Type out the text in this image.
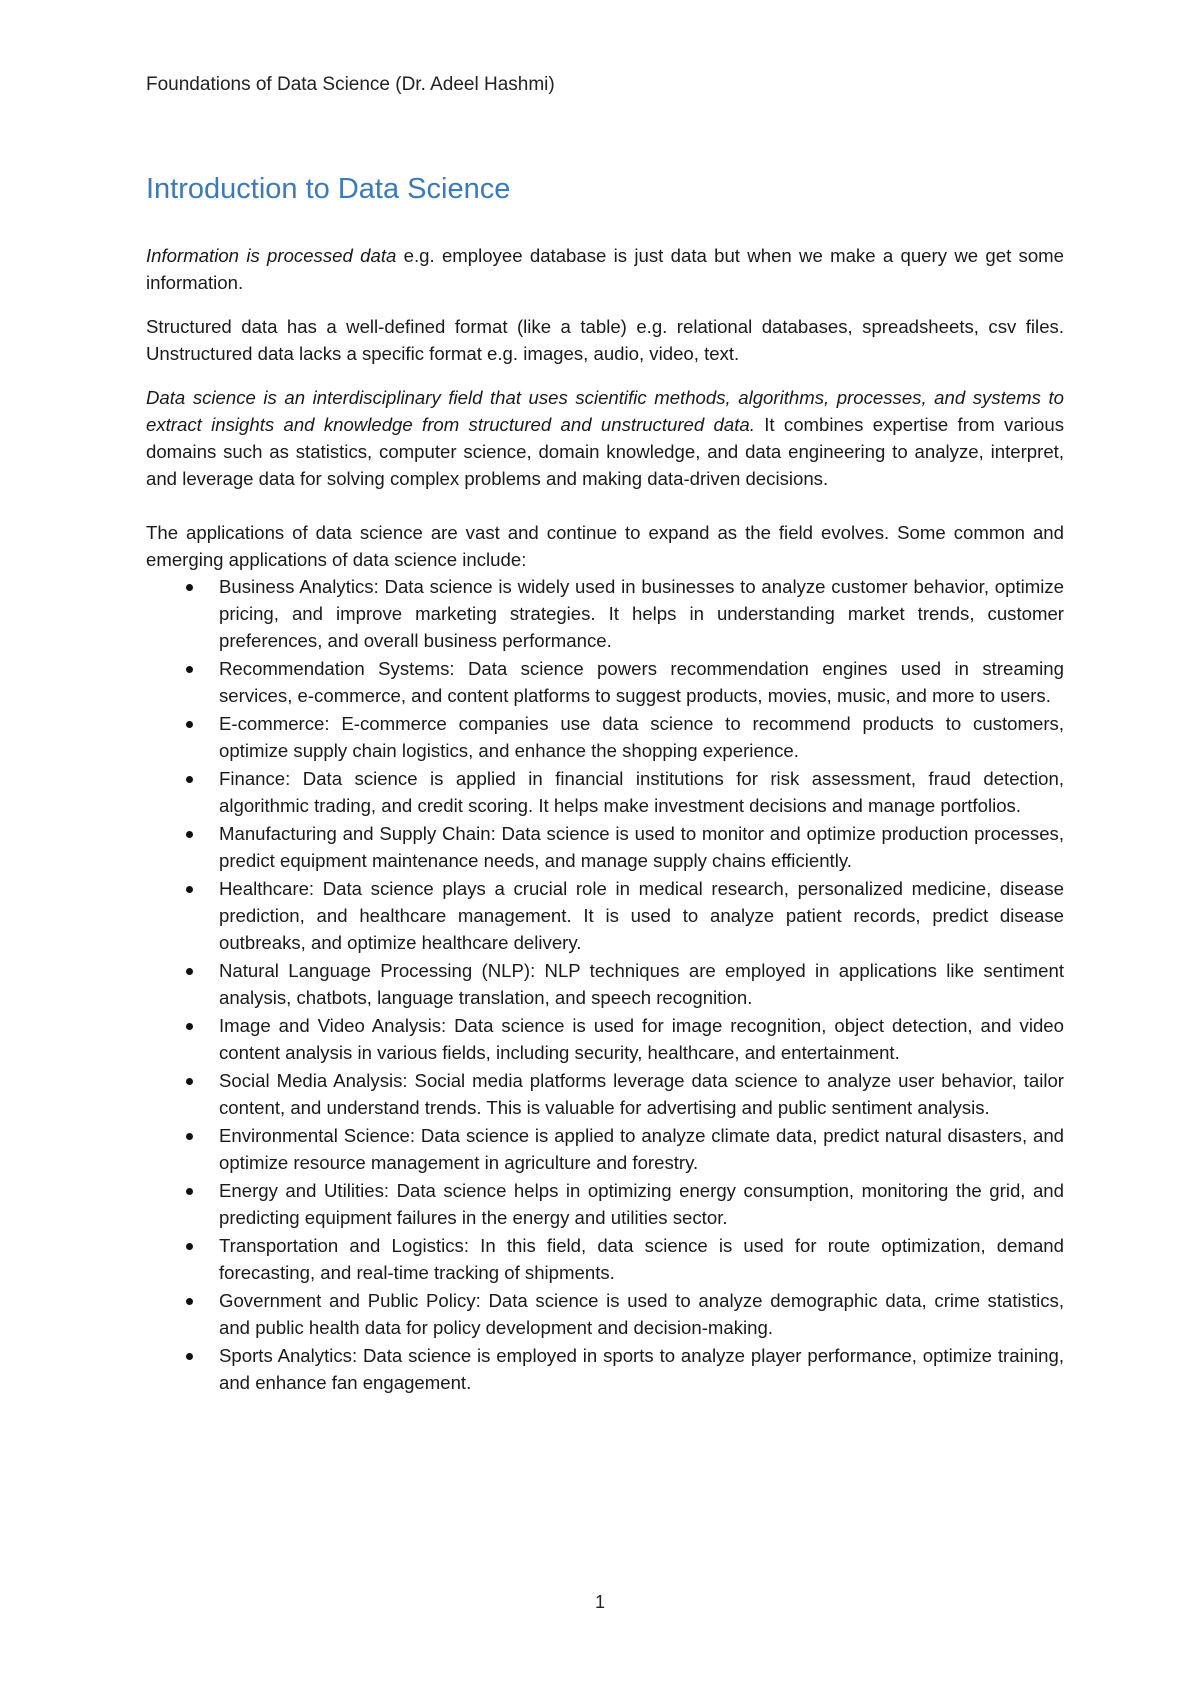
Foundations of Data Science (Dr. Adeel Hashmi)
Introduction to Data Science

Information is processed data e.g. employee database is just data but when we make a query we get some information.

Structured data has a well-defined format (like a table) e.g. relational databases, spreadsheets, csv files. Unstructured data lacks a specific format e.g. images, audio, video, text.

Data science is an interdisciplinary field that uses scientific methods, algorithms, processes, and systems to extract insights and knowledge from structured and unstructured data. It combines expertise from various domains such as statistics, computer science, domain knowledge, and data engineering to analyze, interpret, and leverage data for solving complex problems and making data-driven decisions.

The applications of data science are vast and continue to expand as the field evolves. Some common and emerging applications of data science include:

Business Analytics: Data science is widely used in businesses to analyze customer behavior, optimize pricing, and improve marketing strategies. It helps in understanding market trends, customer preferences, and overall business performance.
Recommendation Systems: Data science powers recommendation engines used in streaming services, e-commerce, and content platforms to suggest products, movies, music, and more to users.
E-commerce: E-commerce companies use data science to recommend products to customers, optimize supply chain logistics, and enhance the shopping experience.
Finance: Data science is applied in financial institutions for risk assessment, fraud detection, algorithmic trading, and credit scoring. It helps make investment decisions and manage portfolios.
Manufacturing and Supply Chain: Data science is used to monitor and optimize production processes, predict equipment maintenance needs, and manage supply chains efficiently.
Healthcare: Data science plays a crucial role in medical research, personalized medicine, disease prediction, and healthcare management. It is used to analyze patient records, predict disease outbreaks, and optimize healthcare delivery.
Natural Language Processing (NLP): NLP techniques are employed in applications like sentiment analysis, chatbots, language translation, and speech recognition.
Image and Video Analysis: Data science is used for image recognition, object detection, and video content analysis in various fields, including security, healthcare, and entertainment.
Social Media Analysis: Social media platforms leverage data science to analyze user behavior, tailor content, and understand trends. This is valuable for advertising and public sentiment analysis.
Environmental Science: Data science is applied to analyze climate data, predict natural disasters, and optimize resource management in agriculture and forestry.
Energy and Utilities: Data science helps in optimizing energy consumption, monitoring the grid, and predicting equipment failures in the energy and utilities sector.
Transportation and Logistics: In this field, data science is used for route optimization, demand forecasting, and real-time tracking of shipments.
Government and Public Policy: Data science is used to analyze demographic data, crime statistics, and public health data for policy development and decision-making.
Sports Analytics: Data science is employed in sports to analyze player performance, optimize training, and enhance fan engagement.
1
